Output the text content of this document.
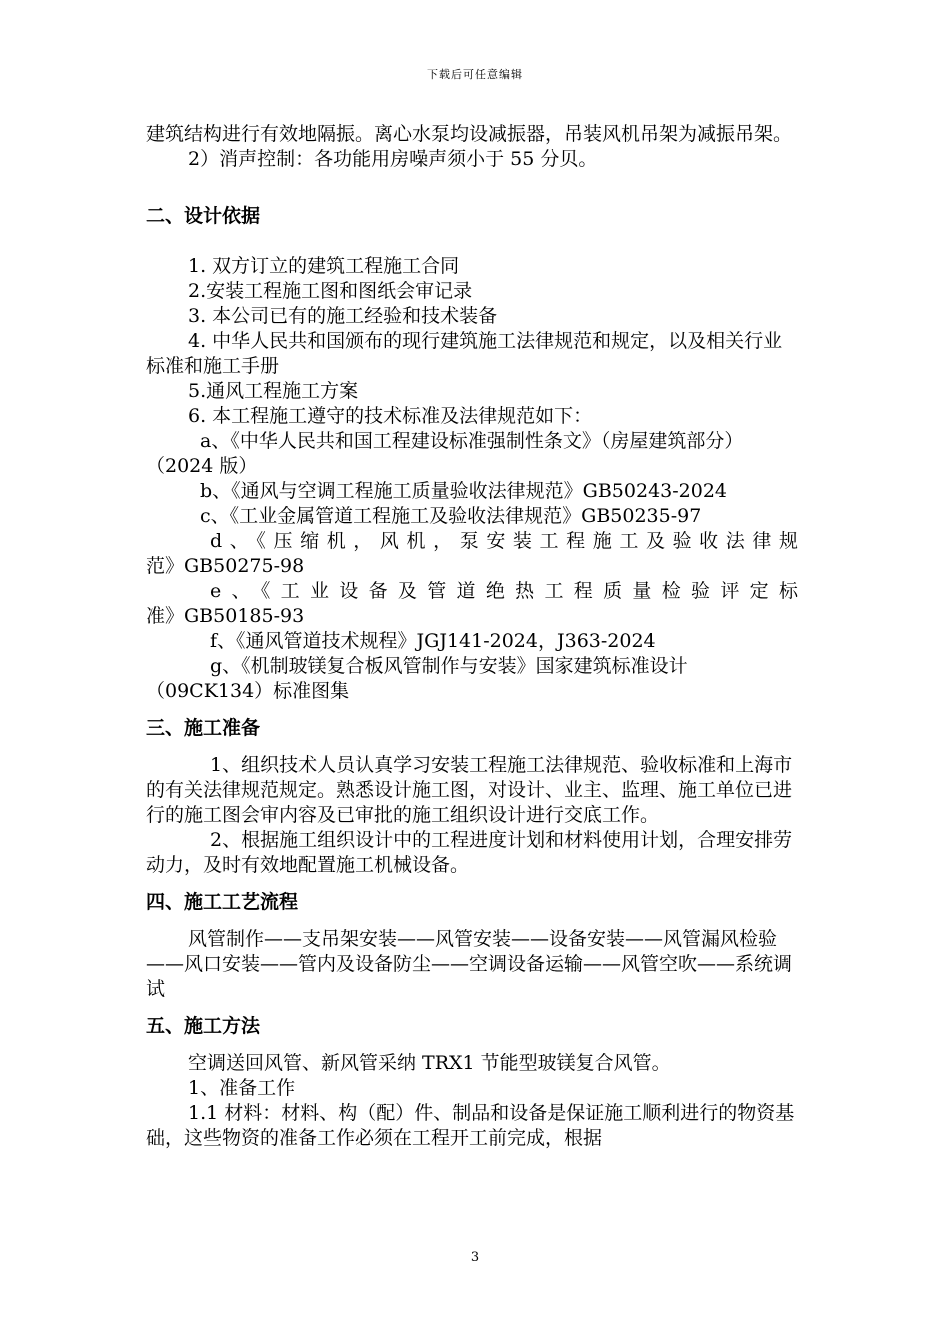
下载后可任意编辑

建筑结构进行有效地隔振。离心水泵均设减振器，吊装风机吊架为减振吊架。

2）消声控制：各功能用房噪声须小于 55 分贝。

二、设计依据

1. 双方订立的建筑工程施工合同

2.安装工程施工图和图纸会审记录

3. 本公司已有的施工经验和技术装备

4. 中华人民共和国颁布的现行建筑施工法律规范和规定，以及相关行业标准和施工手册

5.通风工程施工方案

6. 本工程施工遵守的技术标准及法律规范如下：

a、《中华人民共和国工程建设标准强制性条文》（房屋建筑部分）（2024 版）

b、《通风与空调工程施工质量验收法律规范》GB50243-2024

c、《工业金属管道工程施工及验收法律规范》GB50235-97

d、《压缩机，风机，泵安装工程施工及验收法律规

范》GB50275-98

e、《工业设备及管道绝热工程质量检验评定标

准》GB50185-93

f、《通风管道技术规程》JGJ141-2024，J363-2024

g、《机制玻镁复合板风管制作与安装》国家建筑标准设计（09CK134）标准图集

三、施工准备

1、组织技术人员认真学习安装工程施工法律规范、验收标准和上海市的有关法律规范规定。熟悉设计施工图，对设计、业主、监理、施工单位已进行的施工图会审内容及已审批的施工组织设计进行交底工作。

2、根据施工组织设计中的工程进度计划和材料使用计划，合理安排劳动力，及时有效地配置施工机械设备。

四、施工工艺流程

风管制作——支吊架安装——风管安装——设备安装——风管漏风检验——风口安装——管内及设备防尘——空调设备运输——风管空吹——系统调试

五、施工方法

空调送回风管、新风管采纳 TRX1 节能型玻镁复合风管。

1、准备工作

1.1 材料：材料、构（配）件、制品和设备是保证施工顺利进行的物资基础，这些物资的准备工作必须在工程开工前完成，根据

3
